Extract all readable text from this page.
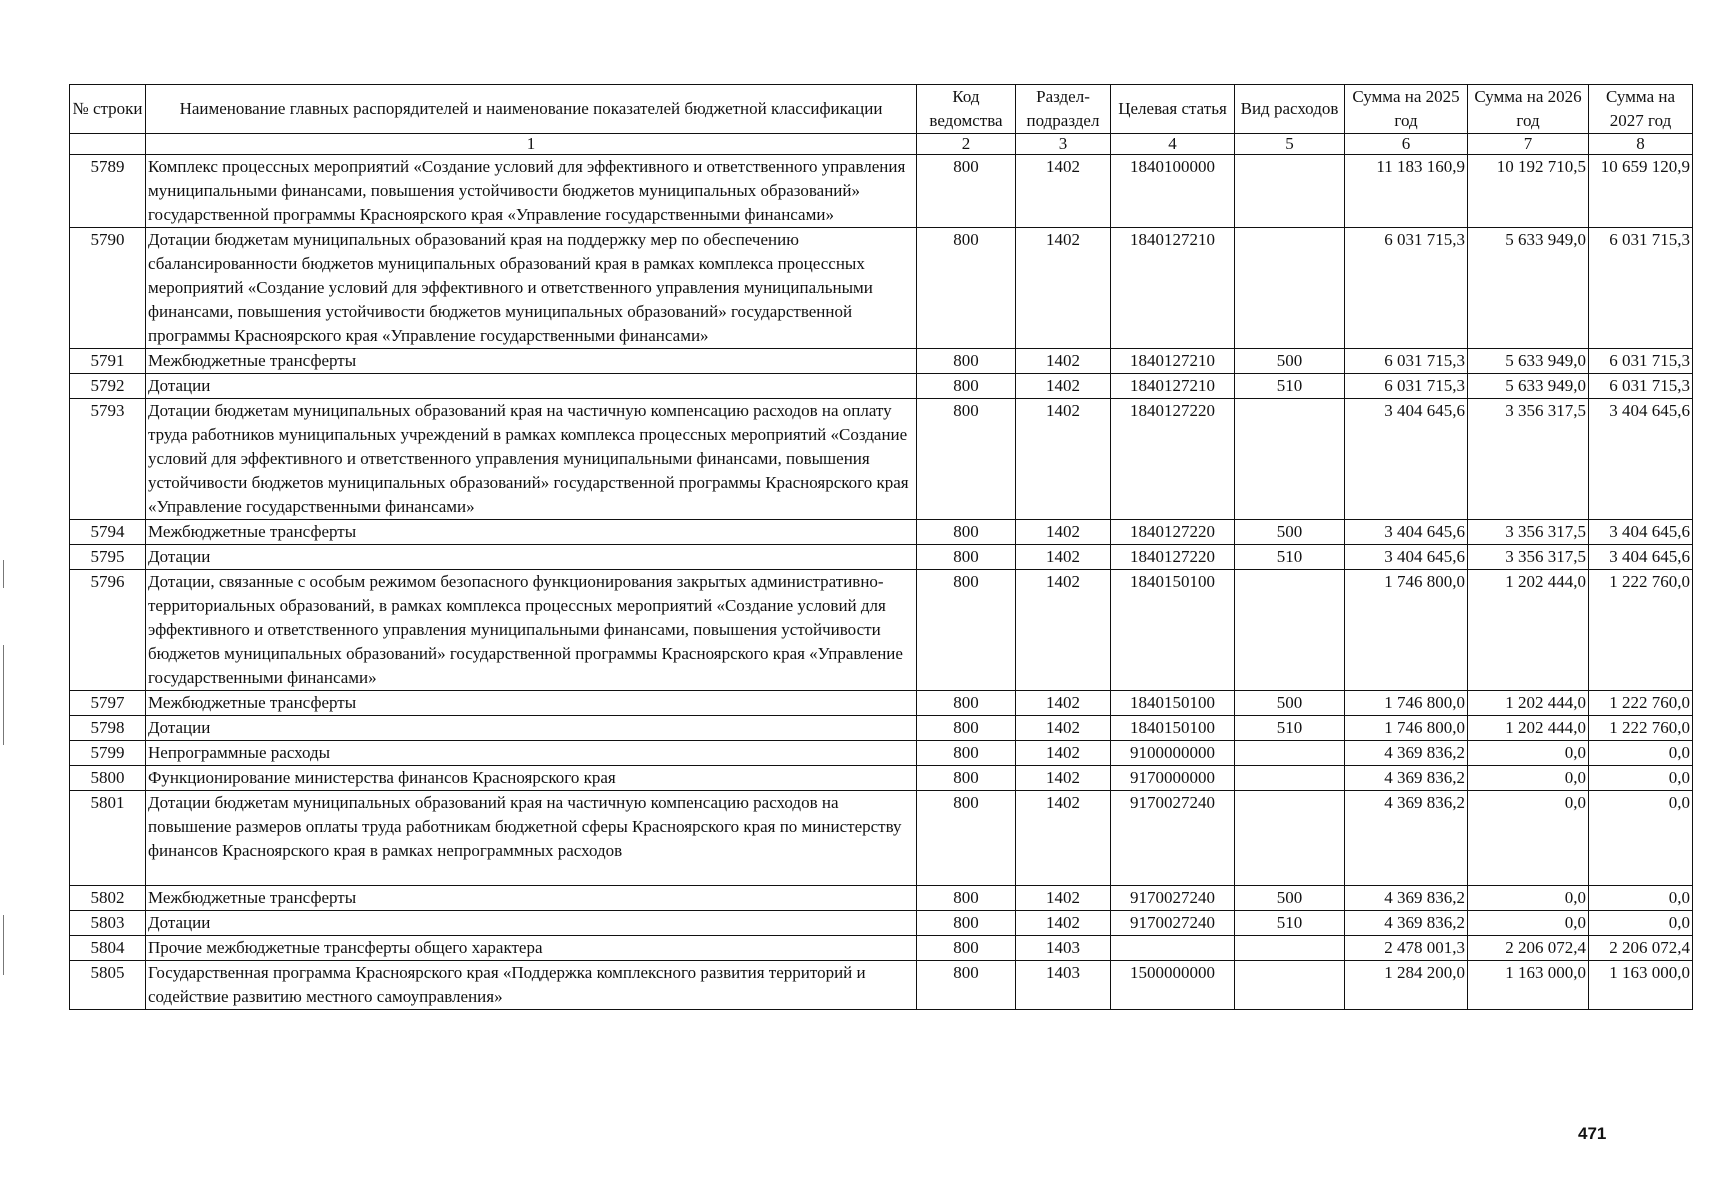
№ строки	Наименование главных распорядителей и наименование показателей бюджетной классификации	Код ведомства	Раздел-подраздел	Целевая статья	Вид расходов	Сумма на 2025 год	Сумма на 2026 год	Сумма на 2027 год
	1	2	3	4	5	6	7	8
5789	Комплекс процессных мероприятий «Создание условий для эффективного и ответственного управления муниципальными финансами, повышения устойчивости бюджетов муниципальных образований» государственной программы Красноярского края «Управление государственными финансами»	800	1402	1840100000		11 183 160,9	10 192 710,5	10 659 120,9
5790	Дотации бюджетам муниципальных образований края на поддержку мер по обеспечению сбалансированности бюджетов муниципальных образований края в рамках комплекса процессных мероприятий «Создание условий для эффективного и ответственного управления муниципальными финансами, повышения устойчивости бюджетов муниципальных образований» государственной программы Красноярского края «Управление государственными финансами»	800	1402	1840127210		6 031 715,3	5 633 949,0	6 031 715,3
5791	Межбюджетные трансферты	800	1402	1840127210	500	6 031 715,3	5 633 949,0	6 031 715,3
5792	Дотации	800	1402	1840127210	510	6 031 715,3	5 633 949,0	6 031 715,3
5793	Дотации бюджетам муниципальных образований края на частичную компенсацию расходов на оплату труда работников муниципальных учреждений в рамках комплекса процессных мероприятий «Создание условий для эффективного и ответственного управления муниципальными финансами, повышения устойчивости бюджетов муниципальных образований» государственной программы Красноярского края «Управление государственными финансами»	800	1402	1840127220		3 404 645,6	3 356 317,5	3 404 645,6
5794	Межбюджетные трансферты	800	1402	1840127220	500	3 404 645,6	3 356 317,5	3 404 645,6
5795	Дотации	800	1402	1840127220	510	3 404 645,6	3 356 317,5	3 404 645,6
5796	Дотации, связанные с особым режимом безопасного функционирования закрытых административно-территориальных образований, в рамках комплекса процессных мероприятий «Создание условий для эффективного и ответственного управления муниципальными финансами, повышения устойчивости бюджетов муниципальных образований» государственной программы Красноярского края «Управление государственными финансами»	800	1402	1840150100		1 746 800,0	1 202 444,0	1 222 760,0
5797	Межбюджетные трансферты	800	1402	1840150100	500	1 746 800,0	1 202 444,0	1 222 760,0
5798	Дотации	800	1402	1840150100	510	1 746 800,0	1 202 444,0	1 222 760,0
5799	Непрограммные расходы	800	1402	9100000000		4 369 836,2	0,0	0,0
5800	Функционирование министерства финансов Красноярского края	800	1402	9170000000		4 369 836,2	0,0	0,0
5801	Дотации бюджетам муниципальных образований края на частичную компенсацию расходов на повышение размеров оплаты труда работникам бюджетной сферы Красноярского края по министерству финансов Красноярского края в рамках непрограммных расходов	800	1402	9170027240		4 369 836,2	0,0	0,0
5802	Межбюджетные трансферты	800	1402	9170027240	500	4 369 836,2	0,0	0,0
5803	Дотации	800	1402	9170027240	510	4 369 836,2	0,0	0,0
5804	Прочие межбюджетные трансферты общего характера	800	1403			2 478 001,3	2 206 072,4	2 206 072,4
5805	Государственная программа Красноярского края «Поддержка комплексного развития территорий и содействие развитию местного самоуправления»	800	1403	1500000000		1 284 200,0	1 163 000,0	1 163 000,0
471
